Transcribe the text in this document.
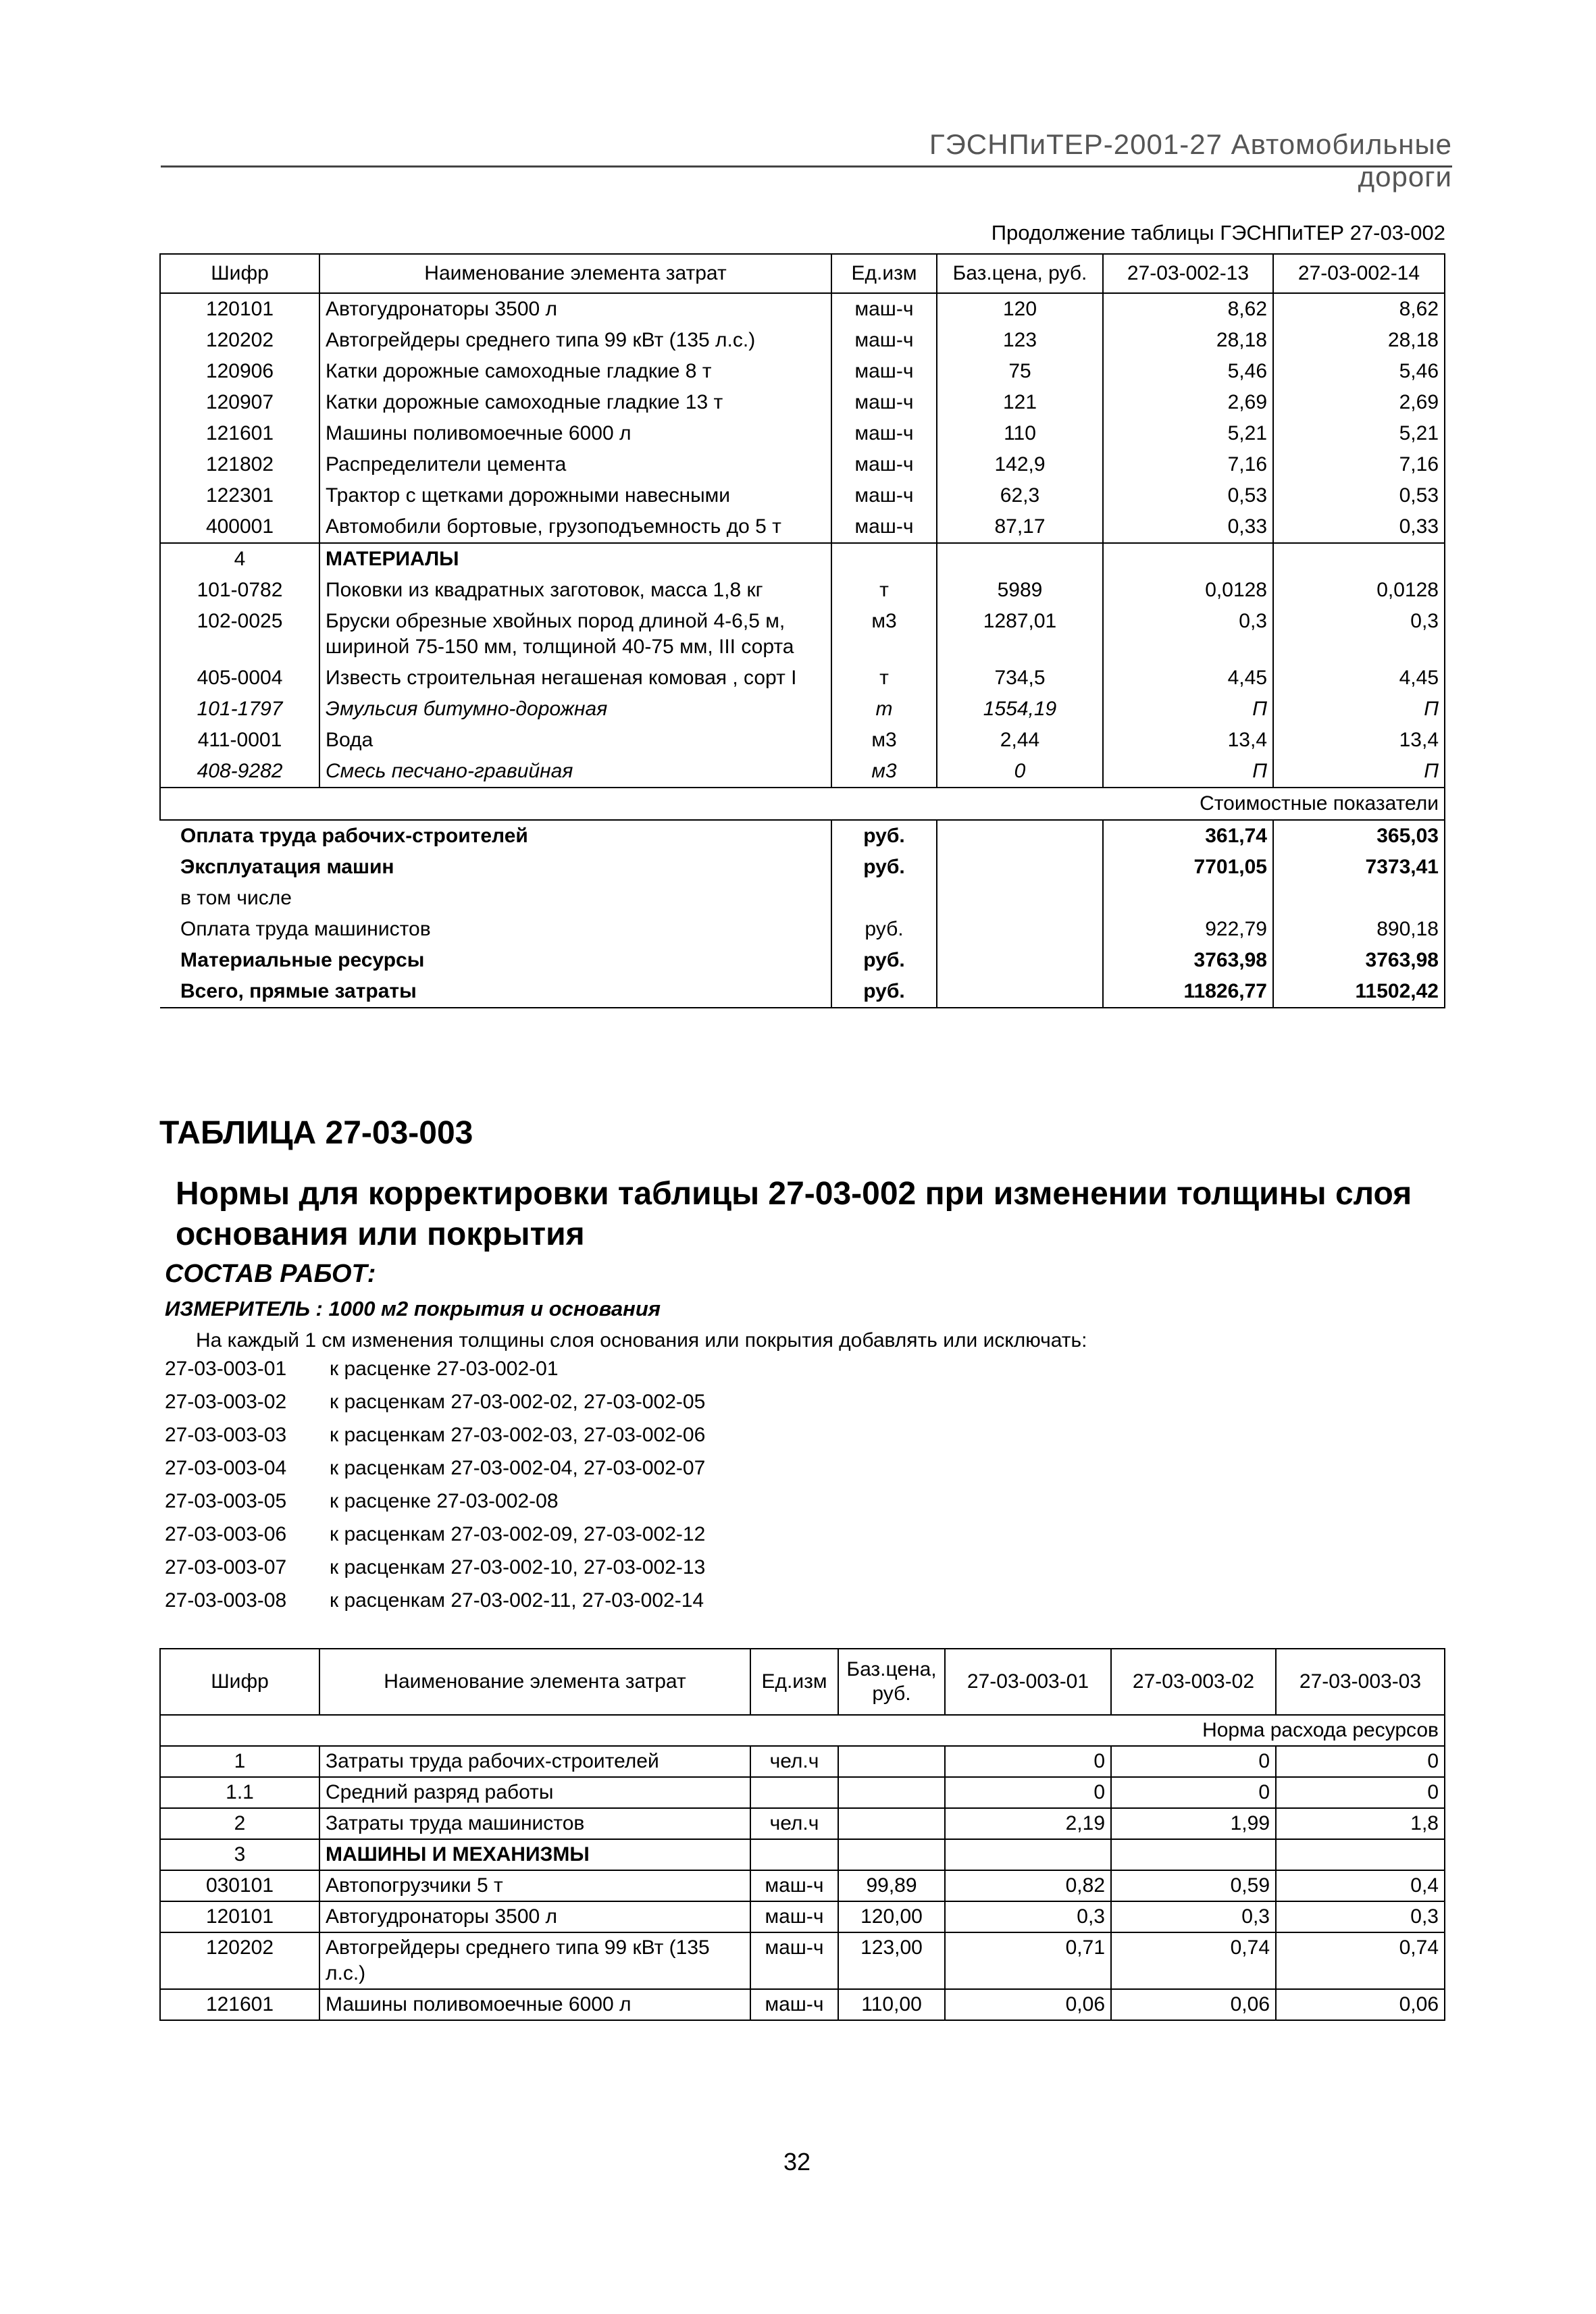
ГЭСНПиТЕР-2001-27 Автомобильные дороги
Продолжение таблицы ГЭСНПиТЕР 27-03-002
Шифр	Наименование элемента затрат	Ед.изм	Баз.цена, руб.	27-03-002-13	27-03-002-14
120101	Автогудронаторы 3500 л	маш-ч	120	8,62	8,62
120202	Автогрейдеры среднего типа 99 кВт (135 л.с.)	маш-ч	123	28,18	28,18
120906	Катки дорожные самоходные гладкие 8 т	маш-ч	75	5,46	5,46
120907	Катки дорожные самоходные гладкие 13 т	маш-ч	121	2,69	2,69
121601	Машины поливомоечные 6000 л	маш-ч	110	5,21	5,21
121802	Распределители цемента	маш-ч	142,9	7,16	7,16
122301	Трактор с щетками дорожными навесными	маш-ч	62,3	0,53	0,53
400001	Автомобили бортовые, грузоподъемность до 5 т	маш-ч	87,17	0,33	0,33
4	МАТЕРИАЛЫ				
101-0782	Поковки из квадратных заготовок, масса 1,8 кг	т	5989	0,0128	0,0128
102-0025	Бруски обрезные хвойных пород длиной 4-6,5 м, шириной 75-150 мм, толщиной 40-75 мм, III сорта	м3	1287,01	0,3	0,3
405-0004	Известь строительная негашеная комовая , сорт I	т	734,5	4,45	4,45
101-1797	Эмульсия битумно-дорожная	т	1554,19	П	П
411-0001	Вода	м3	2,44	13,4	13,4
408-9282	Смесь песчано-гравийная	м3	0	П	П
Стоимостные показатели					
Оплата труда рабочих-строителей		руб.		361,74	365,03
Эксплуатация машин		руб.		7701,05	7373,41
в том числе					
Оплата труда машинистов		руб.		922,79	890,18
Материальные ресурсы		руб.		3763,98	3763,98
Всего, прямые затраты		руб.		11826,77	11502,42
ТАБЛИЦА 27-03-003
Нормы для корректировки таблицы 27-03-002 при изменении толщины слоя основания или покрытия
СОСТАВ РАБОТ:
ИЗМЕРИТЕЛЬ : 1000 м2 покрытия и основания
На каждый 1 см изменения толщины слоя основания или покрытия добавлять или исключать:
27-03-003-01	к расценке 27-03-002-01
27-03-003-02	к расценкам 27-03-002-02, 27-03-002-05
27-03-003-03	к расценкам 27-03-002-03, 27-03-002-06
27-03-003-04	к расценкам 27-03-002-04, 27-03-002-07
27-03-003-05	к расценке 27-03-002-08
27-03-003-06	к расценкам 27-03-002-09, 27-03-002-12
27-03-003-07	к расценкам 27-03-002-10, 27-03-002-13
27-03-003-08	к расценкам 27-03-002-11, 27-03-002-14
Шифр	Наименование элемента затрат	Ед.изм	Баз.цена, руб.	27-03-003-01	27-03-003-02	27-03-003-03
Норма расхода ресурсов						
1	Затраты труда рабочих-строителей	чел.ч		0	0	0
1.1	Средний разряд работы			0	0	0
2	Затраты труда машинистов	чел.ч		2,19	1,99	1,8
3	МАШИНЫ И МЕХАНИЗМЫ					
030101	Автопогрузчики 5 т	маш-ч	99,89	0,82	0,59	0,4
120101	Автогудронаторы 3500 л	маш-ч	120,00	0,3	0,3	0,3
120202	Автогрейдеры среднего типа 99 кВт (135 л.с.)	маш-ч	123,00	0,71	0,74	0,74
121601	Машины поливомоечные 6000 л	маш-ч	110,00	0,06	0,06	0,06
32
